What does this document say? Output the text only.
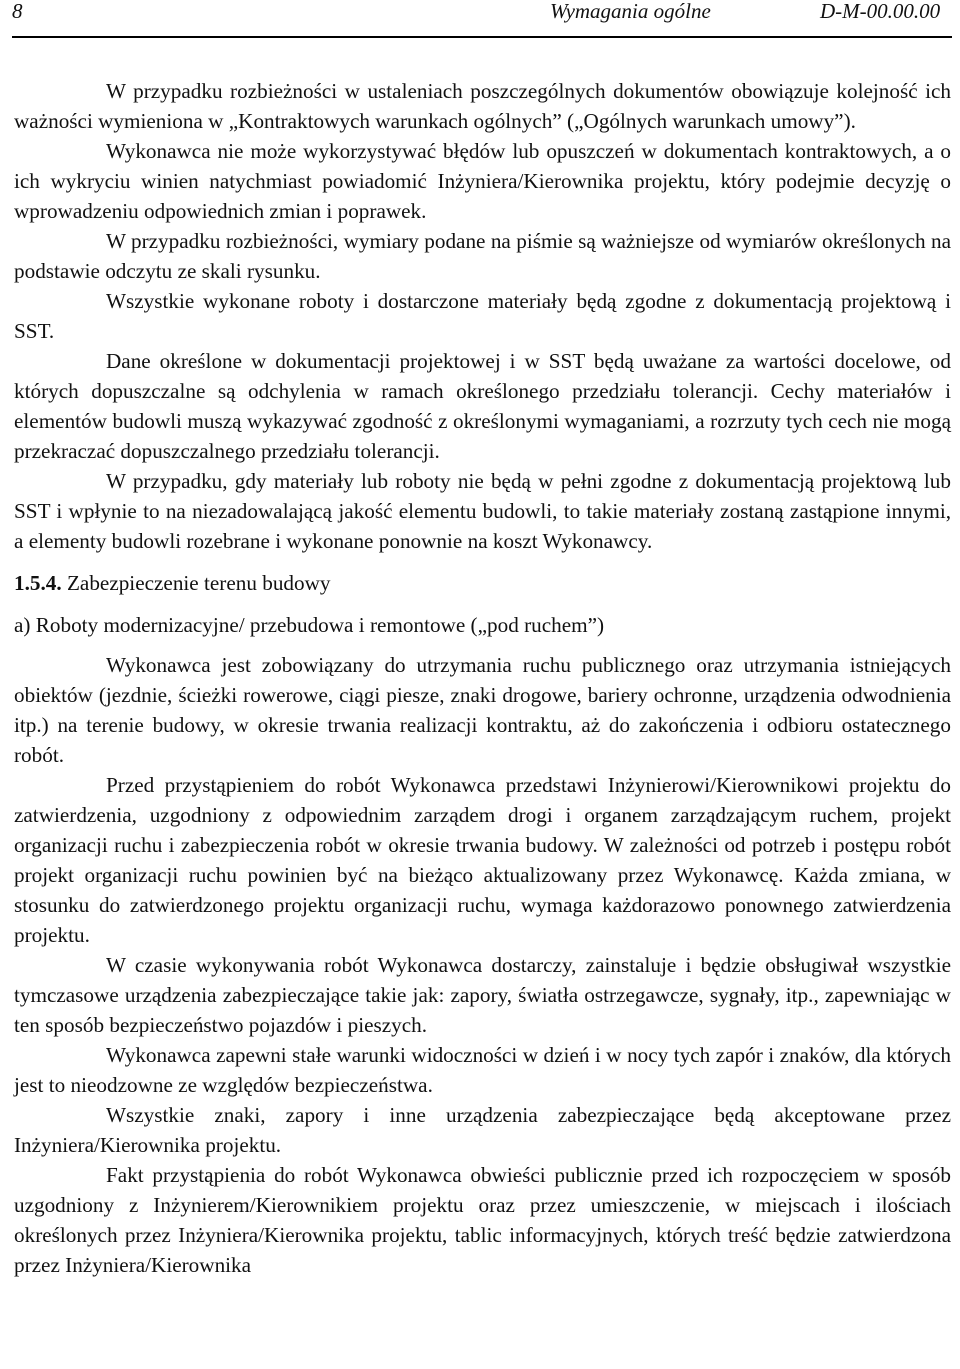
8	Wymagania ogólne	D-M-00.00.00

W przypadku rozbieżności w ustaleniach poszczególnych dokumentów obowiązuje kolejność ich ważności wymieniona w „Kontraktowych warunkach ogólnych” („Ogólnych warunkach umowy”).

Wykonawca nie może wykorzystywać błędów lub opuszczeń w dokumentach kontraktowych, a o ich wykryciu winien natychmiast powiadomić Inżyniera/Kierownika projektu, który podejmie decyzję o wprowadzeniu odpowiednich zmian i poprawek.

W przypadku rozbieżności, wymiary podane na piśmie są ważniejsze od wymiarów określonych na podstawie odczytu ze skali rysunku.

Wszystkie wykonane roboty i dostarczone materiały będą zgodne z dokumentacją projektową i SST.

Dane określone w dokumentacji projektowej i w SST będą uważane za wartości docelowe, od których dopuszczalne są odchylenia w ramach określonego przedziału tolerancji. Cechy materiałów i elementów budowli muszą wykazywać zgodność z określonymi wymaganiami, a rozrzuty tych cech nie mogą przekraczać dopuszczalnego przedziału tolerancji.

W przypadku, gdy materiały lub roboty nie będą w pełni zgodne z dokumentacją projektową lub SST i wpłynie to na niezadowalającą jakość elementu budowli, to takie materiały zostaną zastąpione innymi, a elementy budowli rozebrane i wykonane ponownie na koszt Wykonawcy.

1.5.4. Zabezpieczenie terenu budowy
a) Roboty modernizacyjne/ przebudowa i remontowe („pod ruchem”)

Wykonawca jest zobowiązany do utrzymania ruchu publicznego oraz utrzymania istniejących obiektów (jezdnie, ścieżki rowerowe, ciągi piesze, znaki drogowe, bariery ochronne, urządzenia odwodnienia itp.) na terenie budowy, w okresie trwania realizacji kontraktu, aż do zakończenia i odbioru ostatecznego robót.

Przed przystąpieniem do robót Wykonawca przedstawi Inżynierowi/Kierownikowi projektu do zatwierdzenia, uzgodniony z odpowiednim zarządem drogi i organem zarządzającym ruchem, projekt organizacji ruchu i zabezpieczenia robót w okresie trwania budowy. W zależności od potrzeb i postępu robót projekt organizacji ruchu powinien być na bieżąco aktualizowany przez Wykonawcę. Każda zmiana, w stosunku do zatwierdzonego projektu organizacji ruchu, wymaga każdorazowo ponownego zatwierdzenia projektu.

W czasie wykonywania robót Wykonawca dostarczy, zainstaluje i będzie obsługiwał wszystkie tymczasowe urządzenia zabezpieczające takie jak: zapory, światła ostrzegawcze, sygnały, itp., zapewniając w ten sposób bezpieczeństwo pojazdów i pieszych.

Wykonawca zapewni stałe warunki widoczności w dzień i w nocy tych zapór i znaków, dla których jest to nieodzowne ze względów bezpieczeństwa.

Wszystkie znaki, zapory i inne urządzenia zabezpieczające będą akceptowane przez Inżyniera/Kierownika projektu.

Fakt przystąpienia do robót Wykonawca obwieści publicznie przed ich rozpoczęciem w sposób uzgodniony z Inżynierem/Kierownikiem projektu oraz przez umieszczenie, w miejscach i ilościach określonych przez Inżyniera/Kierownika projektu, tablic informacyjnych, których treść będzie zatwierdzona przez Inżyniera/Kierownika
